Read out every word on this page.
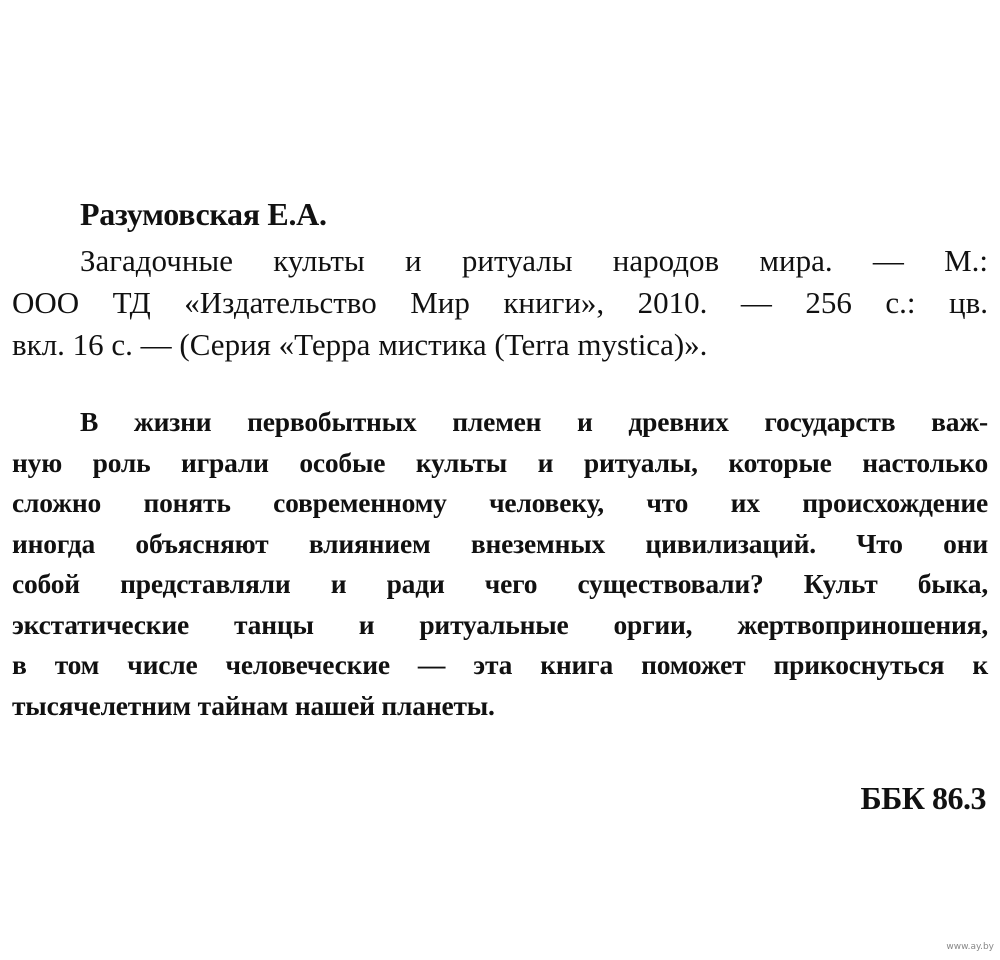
Разумовская Е.А.
Загадочные культы и ритуалы народов мира. — М.:
ООО ТД «Издательство Мир книги», 2010. — 256 с.: цв.
вкл. 16 с. — (Серия «Терра мистика (Terra mystica)».
В жизни первобытных племен и древних государств важ-
ную роль играли особые культы и ритуалы, которые настолько
сложно понять современному человеку, что их происхождение
иногда объясняют влиянием внеземных цивилизаций. Что они
собой представляли и ради чего существовали? Культ быка,
экстатические танцы и ритуальные оргии, жертвоприношения,
в том числе человеческие — эта книга поможет прикоснуться к
тысячелетним тайнам нашей планеты.
ББК 86.3
www.ay.by
